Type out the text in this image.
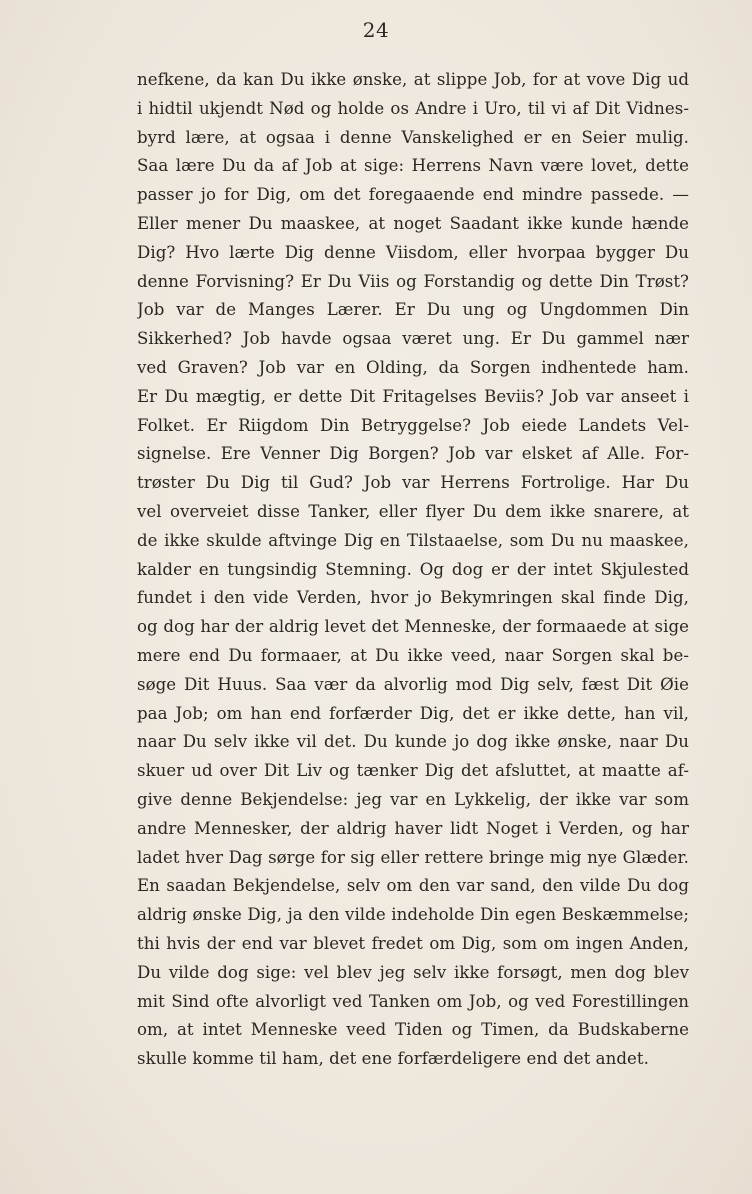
24
nefkene, da kan Du ikke ønske, at slippe Job, for at vove Dig ud
i hidtil ukjendt Nød og holde os Andre i Uro, til vi af Dit Vidnes-
byrd lære, at ogsaa i denne Vanskelighed er en Seier mulig.
Saa lære Du da af Job at sige: Herrens Navn være lovet, dette
passer jo for Dig, om det foregaaende end mindre passede. —
Eller mener Du maaskee, at noget Saadant ikke kunde hænde
Dig? Hvo lærte Dig denne Viisdom, eller hvorpaa bygger Du
denne Forvisning? Er Du Viis og Forstandig og dette Din Trøst?
Job var de Manges Lærer. Er Du ung og Ungdommen Din
Sikkerhed? Job havde ogsaa været ung. Er Du gammel nær
ved Graven? Job var en Olding, da Sorgen indhentede ham.
Er Du mægtig, er dette Dit Fritagelses Beviis? Job var anseet i
Folket. Er Riigdom Din Betryggelse? Job eiede Landets Vel-
signelse. Ere Venner Dig Borgen? Job var elsket af Alle. For-
trøster Du Dig til Gud? Job var Herrens Fortrolige. Har Du
vel overveiet disse Tanker, eller flyer Du dem ikke snarere, at
de ikke skulde aftvinge Dig en Tilstaaelse, som Du nu maaskee,
kalder en tungsindig Stemning. Og dog er der intet Skjulested
fundet i den vide Verden, hvor jo Bekymringen skal finde Dig,
og dog har der aldrig levet det Menneske, der formaaede at sige
mere end Du formaaer, at Du ikke veed, naar Sorgen skal be-
søge Dit Huus. Saa vær da alvorlig mod Dig selv, fæst Dit Øie
paa Job; om han end forfærder Dig, det er ikke dette, han vil,
naar Du selv ikke vil det. Du kunde jo dog ikke ønske, naar Du
skuer ud over Dit Liv og tænker Dig det afsluttet, at maatte af-
give denne Bekjendelse: jeg var en Lykkelig, der ikke var som
andre Mennesker, der aldrig haver lidt Noget i Verden, og har
ladet hver Dag sørge for sig eller rettere bringe mig nye Glæder.
En saadan Bekjendelse, selv om den var sand, den vilde Du dog
aldrig ønske Dig, ja den vilde indeholde Din egen Beskæmmelse;
thi hvis der end var blevet fredet om Dig, som om ingen Anden,
Du vilde dog sige: vel blev jeg selv ikke forsøgt, men dog blev
mit Sind ofte alvorligt ved Tanken om Job, og ved Forestillingen
om, at intet Menneske veed Tiden og Timen, da Budskaberne
skulle komme til ham, det ene forfærdeligere end det andet.
